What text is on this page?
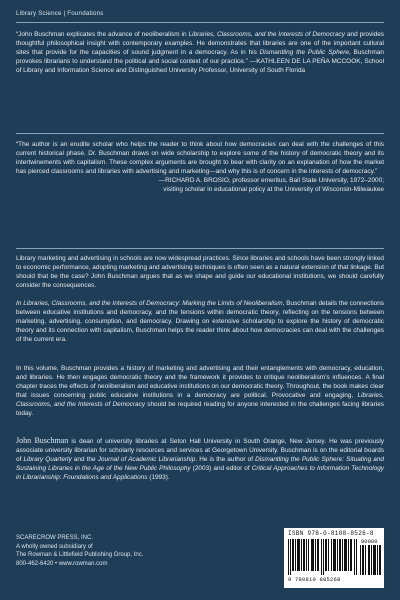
Library Science | Foundations

“John Buschman explicates the advance of neoliberalism in Libraries, Classrooms, and the Interests of Democracy and provides thoughtful philosophical insight with contemporary examples. He demonstrates that libraries are one of the important cultural sites that provide for the capacities of sound judgment in a democracy. As in his Dismantling the Public Sphere, Buschman provokes librarians to understand the political and social context of our practice.” —KATHLEEN DE LA PEÑA MCCOOK, School of Library and Information Science and Distinguished University Professor, University of South Florida

“The author is an erudite scholar who helps the reader to think about how democracies can deal with the challenges of this current historical phase. Dr. Buschman draws on wide scholarship to explore some of the history of democratic theory and its intertwinements with capitalism. These complex arguments are brought to bear with clarity on an explanation of how the market has pierced classrooms and libraries with advertising and marketing—and why this is of concern in the interests of democracy.”

—RICHARD A. BROSIO, professor emeritus, Ball State University, 1972–2000;
visiting scholar in educational policy at the University of Wisconsin-Milwaukee
Library marketing and advertising in schools are now widespread practices. Since libraries and schools have been strongly linked to economic performance, adopting marketing and advertising techniques is often seen as a natural extension of that linkage. But should that be the case? John Buschman argues that as we shape and guide our educational institutions, we should carefully consider the consequences.
In Libraries, Classrooms, and the Interests of Democracy: Marking the Limits of Neoliberalism, Buschman details the connections between educative institutions and democracy, and the tensions within democratic theory, reflecting on the tensions between marketing, advertising, consumption, and democracy. Drawing on extensive scholarship to explore the history of democratic theory and its connection with capitalism, Buschman helps the reader think about how democracies can deal with the challenges of the current era.
In this volume, Buschman provides a history of marketing and advertising and their entanglements with democracy, education, and libraries. He then engages democratic theory and the framework it provides to critique neoliberalism’s influences. A final chapter traces the effects of neoliberalism and educative institutions on our democratic theory. Throughout, the book makes clear that issues concerning public educative institutions in a democracy are political. Provocative and engaging, Libraries, Classrooms, and the Interests of Democracy should be required reading for anyone interested in the challenges facing libraries today.
John Buschman is dean of university libraries at Seton Hall University in South Orange, New Jersey. He was previously associate university librarian for scholarly resources and services at Georgetown University. Buschman is on the editorial boards of Library Quarterly and the Journal of Academic Librarianship. He is the author of Dismantling the Public Sphere: Situating and Sustaining Libraries in the Age of the New Public Philosophy (2003) and editor of Critical Approaches to Information Technology in Librarianship: Foundations and Applications (1993).
SCARECROW PRESS, INC.
A wholly owned subsidiary of
The Rowman & Littlefield Publishing Group, Inc.
800-462-6420 • www.rowman.com
ISBN 978-0-8108-8526-8
90000
9 780810 885268
